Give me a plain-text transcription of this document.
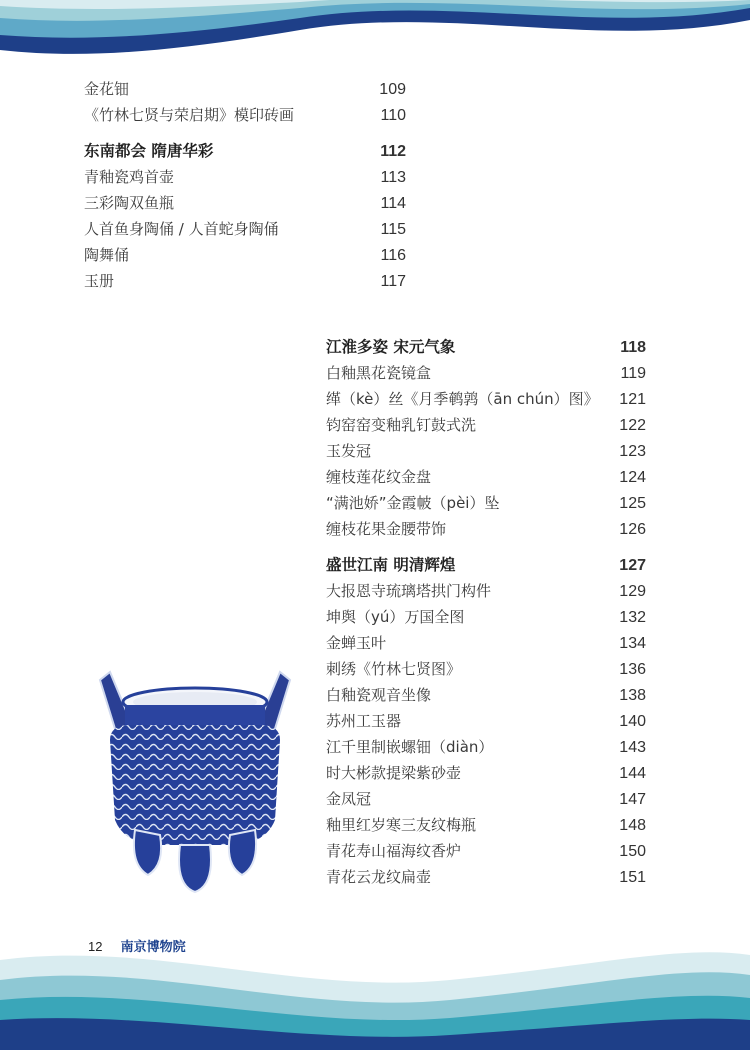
金花钿	109
《竹林七贤与荣启期》模印砖画	110
东南都会 隋唐华彩	112
青釉瓷鸡首壶	113
三彩陶双鱼瓶	114
人首鱼身陶俑 / 人首蛇身陶俑	115
陶舞俑	116
玉册	117
江淮多姿 宋元气象	118
白釉黑花瓷镜盒	119
缂（kè）丝《月季鹌鹑（ān chún）图》 121
钧窑窑变釉乳钉鼓式洗	122
玉发冠	123
缠枝莲花纹金盘	124
“满池娇”金霞帔（pèi）坠	125
缠枝花果金腰带饰	126
盛世江南 明清辉煌	127
大报恩寺琉璃塔拱门构件	129
坤舆（yú）万国全图	132
金蝉玉叶	134
刺绣《竹林七贤图》	136
白釉瓷观音坐像	138
苏州工玉器	140
江千里制嵌螺钿（diàn）	143
时大彬款提梁紫砂壶	144
金凤冠	147
釉里红岁寒三友纹梅瓶	148
青花寿山福海纹香炉	150
青花云龙纹扁壶	151
12 南京博物院
